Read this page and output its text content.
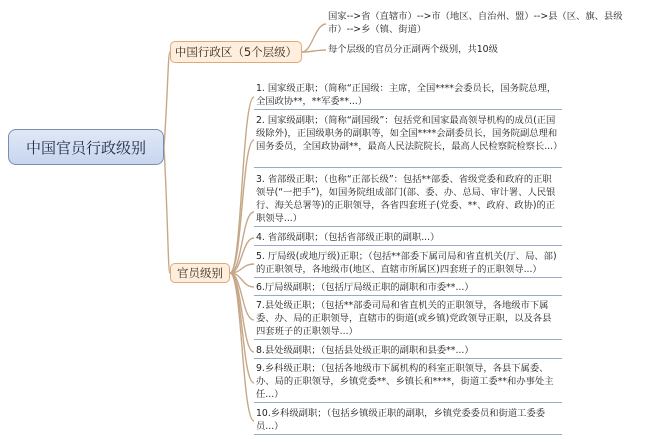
中国官员行政级别
中国行政区（5个层级）
国家-->省（直辖市）-->市（地区、自治州、盟）-->县（区、旗、县级市）-->乡（镇、街道）
每个层级的官员分正副两个级别，共10级
官员级别
1. 国家级正职；（简称“正国级：主席，全国****会委员长，国务院总理，全国政协**，**军委**...）
2. 国家级副职；（简称“副国级”：包括党和国家最高领导机构的成员(正国级除外)，正国级职务的副职等，如全国****会副委员长，国务院副总理和国务委员，全国政协副**，最高人民法院院长，最高人民检察院检察长...）
3. 省部级正职；（也称“正部长级”：包括**部委、省级党委和政府的正职领导(“一把手”)，如国务院组成部门(部、委、办、总局、审计署、人民银行、海关总署等)的正职领导，各省四套班子(党委、**、政府、政协)的正职领导...）
4. 省部级副职；（包括省部级正职的副职...）
5. 厅局级(或地厅级)正职；（包括**部委下属司局和省直机关(厅、局、部)的正职领导，各地级市(地区、直辖市所属区)四套班子的正职领导...）
6.厅局级副职；（包括厅局级正职的副职和市委**...）
7.县处级正职；（包括**部委司局和省直机关的正职领导，各地级市下属委、办、局的正职领导，直辖市的街道(或乡镇)党政领导正职，以及各县四套班子的正职领导...）
8.县处级副职；（包括县处级正职的副职和县委**...）
9.乡科级正职；（包括各地级市下属机构的科室正职领导，各县下属委、办、局的正职领导，乡镇党委**、乡镇长和****，街道工委**和办事处主任...）
10.乡科级副职；（包括乡镇级正职的副职，乡镇党委委员和街道工委委员...）
